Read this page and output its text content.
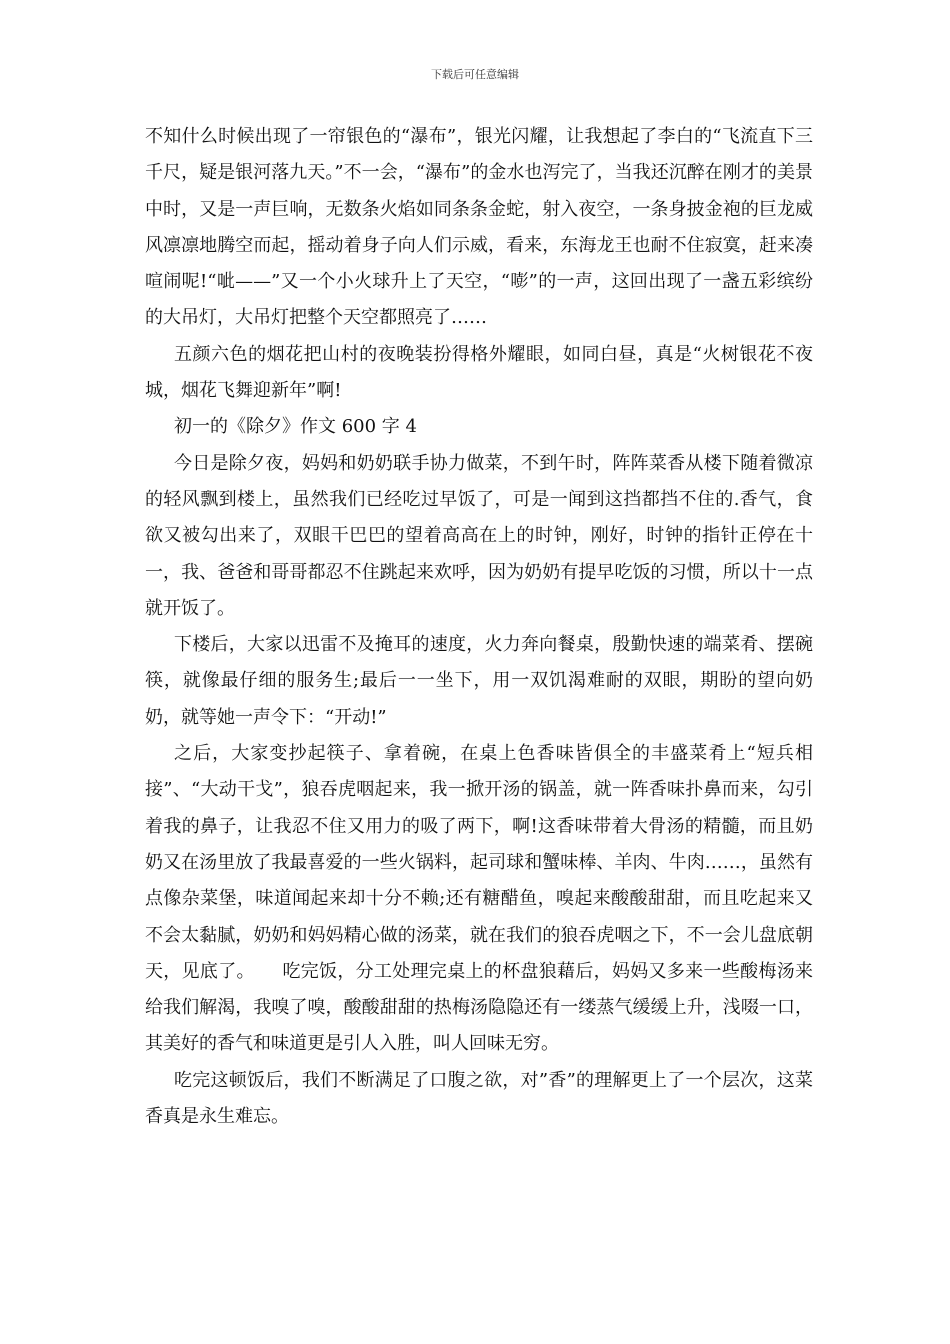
下载后可任意编辑

不知什么时候出现了一帘银色的“瀑布”，银光闪耀，让我想起了李白的“飞流直下三千尺，疑是银河落九天。”不一会，“瀑布”的金水也泻完了，当我还沉醉在刚才的美景中时，又是一声巨响，无数条火焰如同条条金蛇，射入夜空，一条身披金袍的巨龙威风凛凛地腾空而起，摇动着身子向人们示威，看来，东海龙王也耐不住寂寞，赶来凑喧闹呢!“呲——”又一个小火球升上了天空，“嘭”的一声，这回出现了一盏五彩缤纷的大吊灯，大吊灯把整个天空都照亮了……

五颜六色的烟花把山村的夜晚装扮得格外耀眼，如同白昼，真是“火树银花不夜城，烟花飞舞迎新年”啊!

初一的《除夕》作文 600 字 4

今日是除夕夜，妈妈和奶奶联手协力做菜，不到午时，阵阵菜香从楼下随着微凉的轻风飘到楼上，虽然我们已经吃过早饭了，可是一闻到这挡都挡不住的.香气，食欲又被勾出来了，双眼干巴巴的望着高高在上的时钟，刚好，时钟的指针正停在十一，我、爸爸和哥哥都忍不住跳起来欢呼，因为奶奶有提早吃饭的习惯，所以十一点就开饭了。

下楼后，大家以迅雷不及掩耳的速度，火力奔向餐桌，殷勤快速的端菜肴、摆碗筷，就像最仔细的服务生;最后一一坐下，用一双饥渴难耐的双眼，期盼的望向奶奶，就等她一声令下：“开动!”

之后，大家变抄起筷子、拿着碗，在桌上色香味皆俱全的丰盛菜肴上“短兵相接”、“大动干戈”，狼吞虎咽起来，我一掀开汤的锅盖，就一阵香味扑鼻而来，勾引着我的鼻子，让我忍不住又用力的吸了两下，啊!这香味带着大骨汤的精髓，而且奶奶又在汤里放了我最喜爱的一些火锅料，起司球和蟹味棒、羊肉、牛肉……，虽然有点像杂菜堡，味道闻起来却十分不赖;还有糖醋鱼，嗅起来酸酸甜甜，而且吃起来又不会太黏腻，奶奶和妈妈精心做的汤菜，就在我们的狼吞虎咽之下，不一会儿盘底朝天，见底了。　　吃完饭，分工处理完桌上的杯盘狼藉后，妈妈又多来一些酸梅汤来给我们解渴，我嗅了嗅，酸酸甜甜的热梅汤隐隐还有一缕蒸气缓缓上升，浅啜一口，其美好的香气和味道更是引人入胜，叫人回味无穷。

吃完这顿饭后，我们不断满足了口腹之欲，对”香”的理解更上了一个层次，这菜香真是永生难忘。
